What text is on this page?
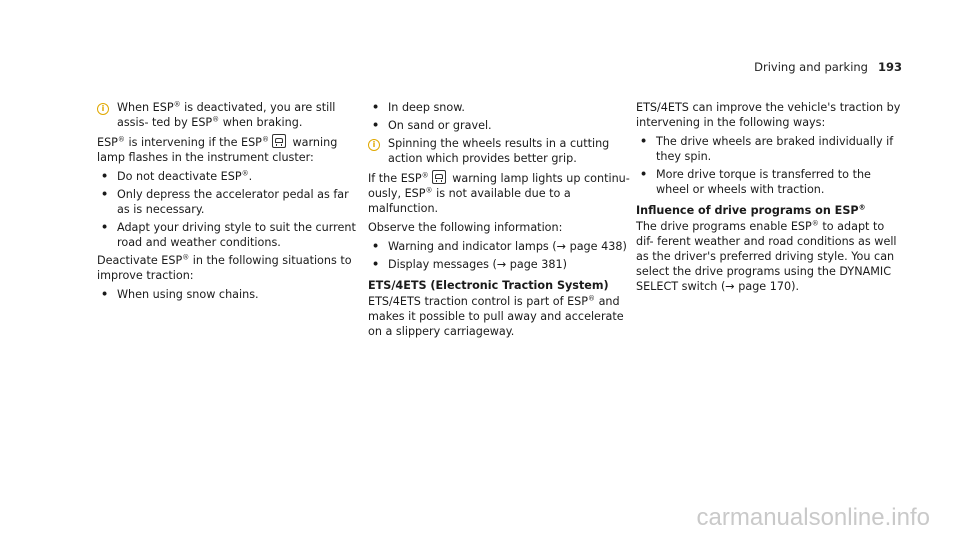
Driving and parking 193
i	When ESP® is deactivated, you are still assis- ted by ESP® when braking.

ESP® is intervening if the ESP® warning lamp flashes in the instrument cluster:

• Do not deactivate ESP®.
• Only depress the accelerator pedal as far as is necessary.
• Adapt your driving style to suit the current road and weather conditions.

Deactivate ESP® in the following situations to improve traction:

• When using snow chains.
• In deep snow.
• On sand or gravel.
i	Spinning the wheels results in a cutting action which provides better grip.

If the ESP® warning lamp lights up continu- ously, ESP® is not available due to a malfunction.

Observe the following information:

• Warning and indicator lamps (→ page 438)
• Display messages (→ page 381)
ETS/4ETS (Electronic Traction System)

ETS/4ETS traction control is part of ESP® and makes it possible to pull away and accelerate on a slippery carriageway.

ETS/4ETS can improve the vehicle's traction by intervening in the following ways:

• The drive wheels are braked individually if they spin.
• More drive torque is transferred to the wheel or wheels with traction.
Influence of drive programs on ESP®

The drive programs enable ESP® to adapt to dif- ferent weather and road conditions as well as the driver's preferred driving style. You can select the drive programs using the DYNAMIC SELECT switch (→ page 170).

carmanualsonline.info
